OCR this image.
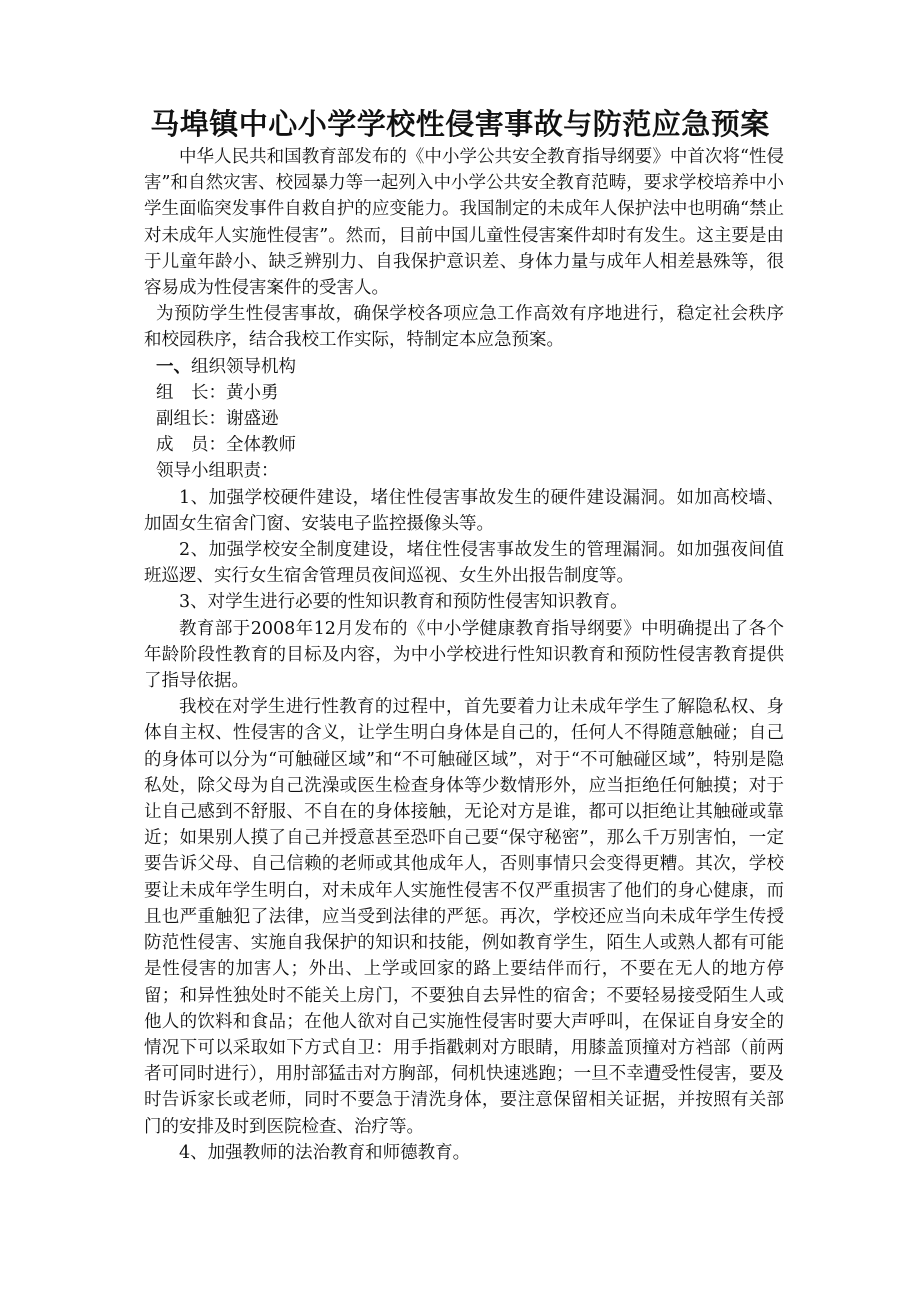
马埠镇中心小学学校性侵害事故与防范应急预案

中华人民共和国教育部发布的《中小学公共安全教育指导纲要》中首次将“性侵害”和自然灾害、校园暴力等一起列入中小学公共安全教育范畴，要求学校培养中小学生面临突发事件自救自护的应变能力。我国制定的未成年人保护法中也明确“禁止对未成年人实施性侵害”。然而，目前中国儿童性侵害案件却时有发生。这主要是由于儿童年龄小、缺乏辨别力、自我保护意识差、身体力量与成年人相差悬殊等，很容易成为性侵害案件的受害人。

为预防学生性侵害事故，确保学校各项应急工作高效有序地进行，稳定社会秩序和校园秩序，结合我校工作实际，特制定本应急预案。

一、组织领导机构

组　长：黄小勇

副组长：谢盛逊

成　员：全体教师

领导小组职责：

1、加强学校硬件建设，堵住性侵害事故发生的硬件建设漏洞。如加高校墙、加固女生宿舍门窗、安装电子监控摄像头等。

2、加强学校安全制度建设，堵住性侵害事故发生的管理漏洞。如加强夜间值班巡逻、实行女生宿舍管理员夜间巡视、女生外出报告制度等。

3、对学生进行必要的性知识教育和预防性侵害知识教育。

教育部于2008年12月发布的《中小学健康教育指导纲要》中明确提出了各个年龄阶段性教育的目标及内容，为中小学校进行性知识教育和预防性侵害教育提供了指导依据。

我校在对学生进行性教育的过程中，首先要着力让未成年学生了解隐私权、身体自主权、性侵害的含义，让学生明白身体是自己的，任何人不得随意触碰；自己的身体可以分为“可触碰区域”和“不可触碰区域”，对于“不可触碰区域”，特别是隐私处，除父母为自己洗澡或医生检查身体等少数情形外，应当拒绝任何触摸；对于让自己感到不舒服、不自在的身体接触，无论对方是谁，都可以拒绝让其触碰或靠近；如果别人摸了自己并授意甚至恐吓自己要“保守秘密”，那么千万别害怕，一定要告诉父母、自己信赖的老师或其他成年人，否则事情只会变得更糟。其次，学校要让未成年学生明白，对未成年人实施性侵害不仅严重损害了他们的身心健康，而且也严重触犯了法律，应当受到法律的严惩。再次，学校还应当向未成年学生传授防范性侵害、实施自我保护的知识和技能，例如教育学生，陌生人或熟人都有可能是性侵害的加害人；外出、上学或回家的路上要结伴而行，不要在无人的地方停留；和异性独处时不能关上房门，不要独自去异性的宿舍；不要轻易接受陌生人或他人的饮料和食品；在他人欲对自己实施性侵害时要大声呼叫，在保证自身安全的情况下可以采取如下方式自卫：用手指戳刺对方眼睛，用膝盖顶撞对方裆部（前两者可同时进行），用肘部猛击对方胸部，伺机快速逃跑；一旦不幸遭受性侵害，要及时告诉家长或老师，同时不要急于清洗身体，要注意保留相关证据，并按照有关部门的安排及时到医院检查、治疗等。

4、加强教师的法治教育和师德教育。
